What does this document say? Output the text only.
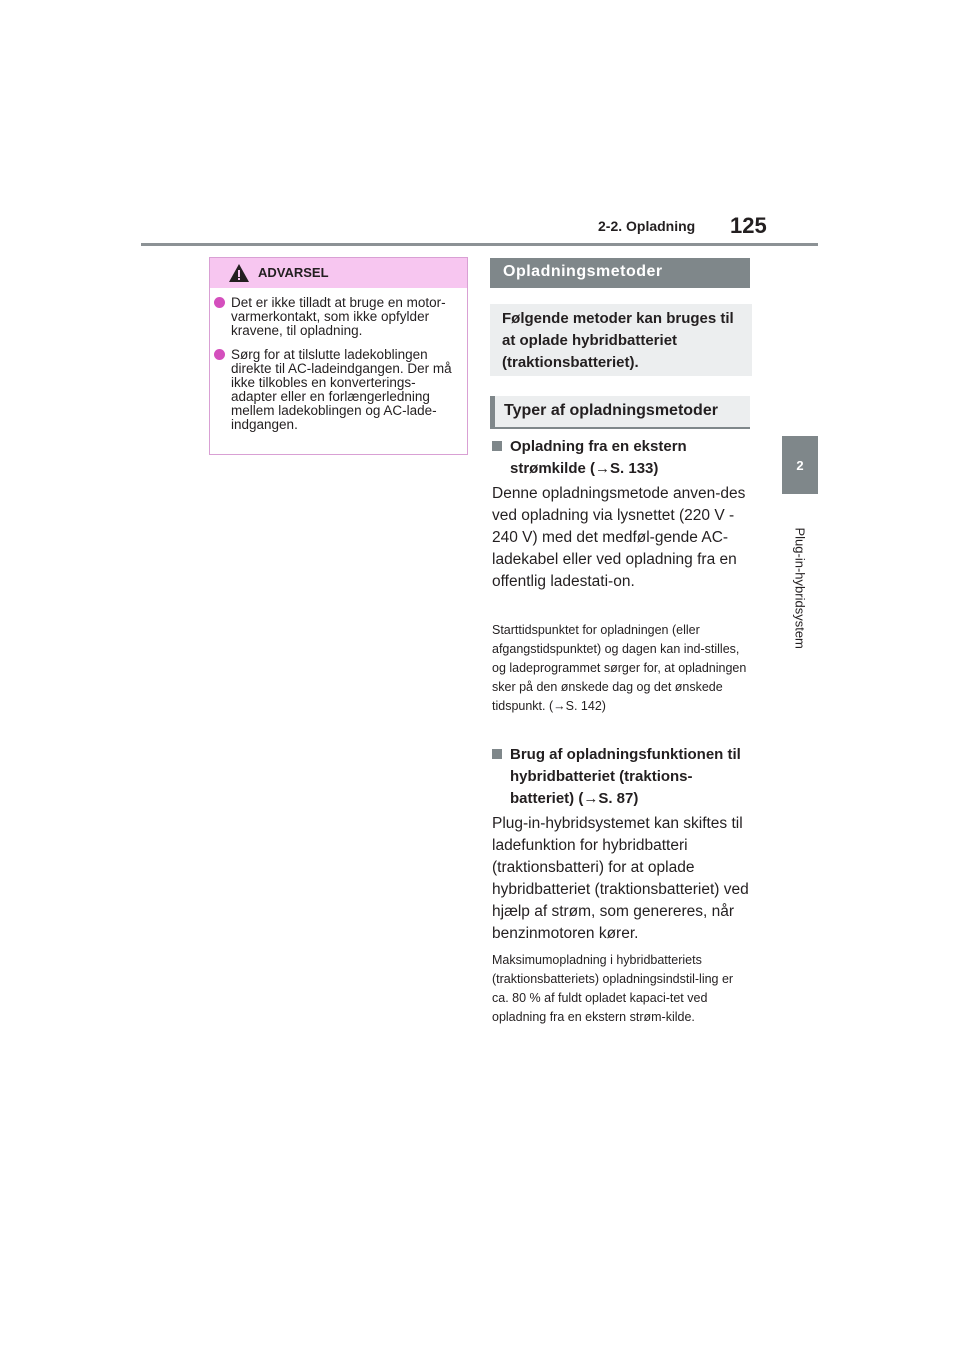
2-2. Opladning 125
2
Plug-in-hybridsystem
ADVARSEL
Det er ikke tilladt at bruge en motor-varmerkontakt, som ikke opfylder kravene, til opladning.
Sørg for at tilslutte ladekoblingen direkte til AC-ladeindgangen. Der må ikke tilkobles en konverterings-adapter eller en forlængerledning mellem ladekoblingen og AC-lade-indgangen.
Opladningsmetoder

Følgende metoder kan bruges til at oplade hybridbatteriet (traktionsbatteriet).

Typer af opladningsmetoder
Opladning fra en ekstern strømkilde (→S. 133)
Denne opladningsmetode anven-des ved opladning via lysnettet (220 V - 240 V) med det medføl-gende AC-ladekabel eller ved opladning fra en offentlig ladestati-on.
Starttidspunktet for opladningen (eller afgangstidspunktet) og dagen kan ind-stilles, og ladeprogrammet sørger for, at opladningen sker på den ønskede dag og det ønskede tidspunkt. (→S. 142)
Brug af opladningsfunktionen til hybridbatteriet (traktions-batteriet) (→S. 87)
Plug-in-hybridsystemet kan skiftes til ladefunktion for hybridbatteri (traktionsbatteri) for at oplade hybridbatteriet (traktionsbatteriet) ved hjælp af strøm, som genereres, når benzinmotoren kører.
Maksimumopladning i hybridbatteriets (traktionsbatteriets) opladningsindstil-ling er ca. 80 % af fuldt opladet kapaci-tet ved opladning fra en ekstern strøm-kilde.
